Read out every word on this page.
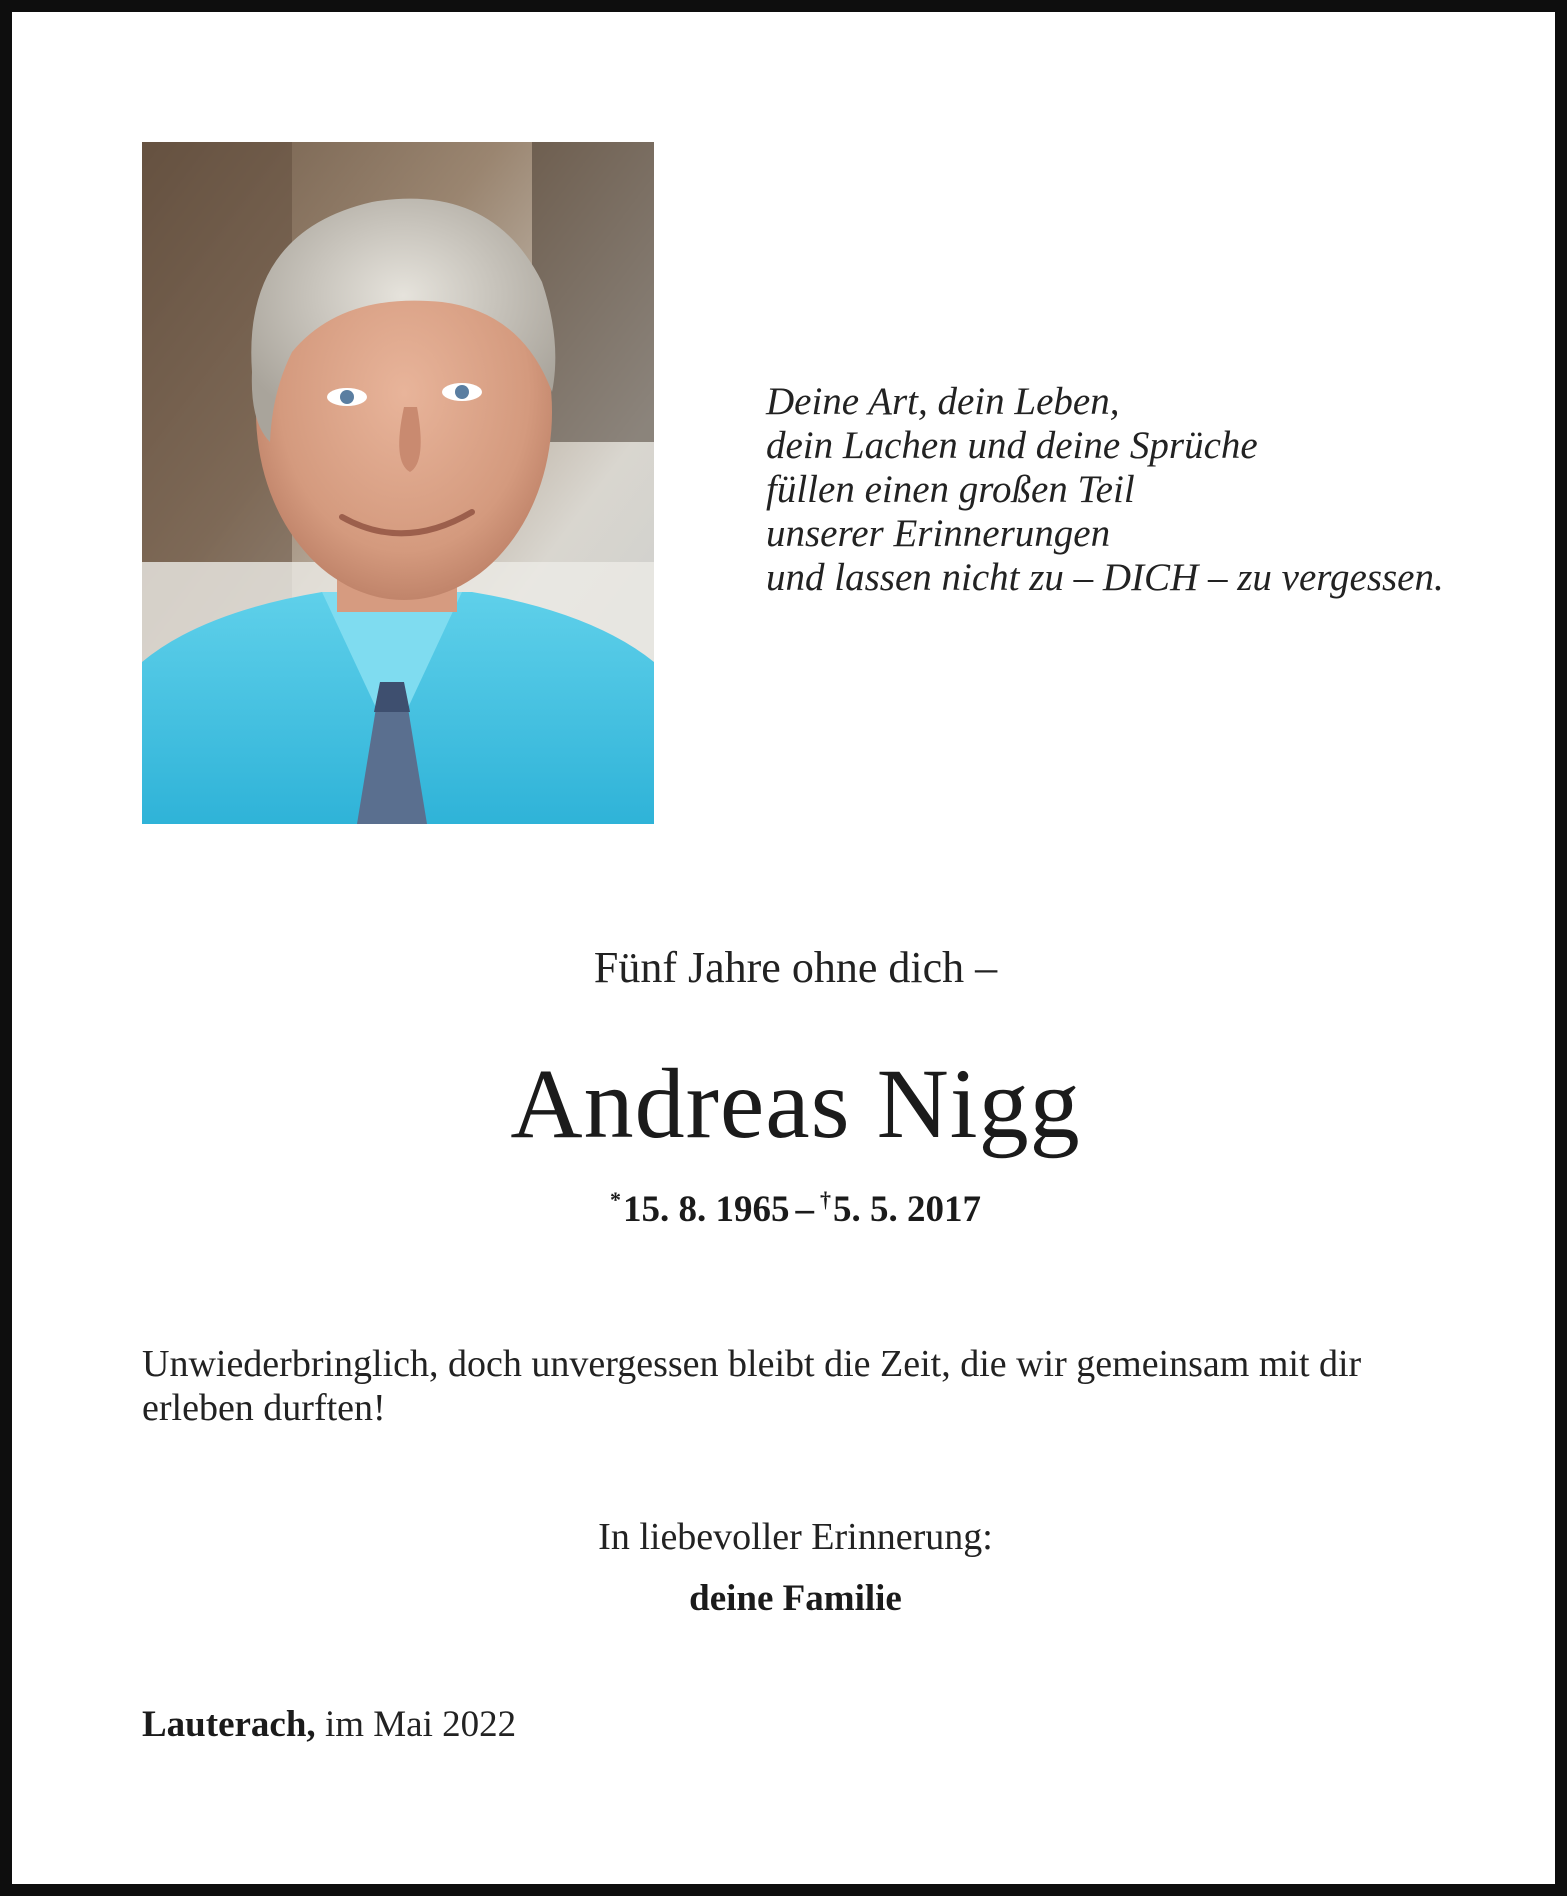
Deine Art, dein Leben,
dein Lachen und deine Sprüche
füllen einen großen Teil
unserer Erinnerungen
und lassen nicht zu – DICH – zu vergessen.
Fünf Jahre ohne dich –
Andreas Nigg
*15. 8. 1965 – †5. 5. 2017
Unwiederbringlich, doch unvergessen bleibt die Zeit, die wir gemeinsam mit dir erleben durften!
In liebevoller Erinnerung:
deine Familie
Lauterach, im Mai 2022
